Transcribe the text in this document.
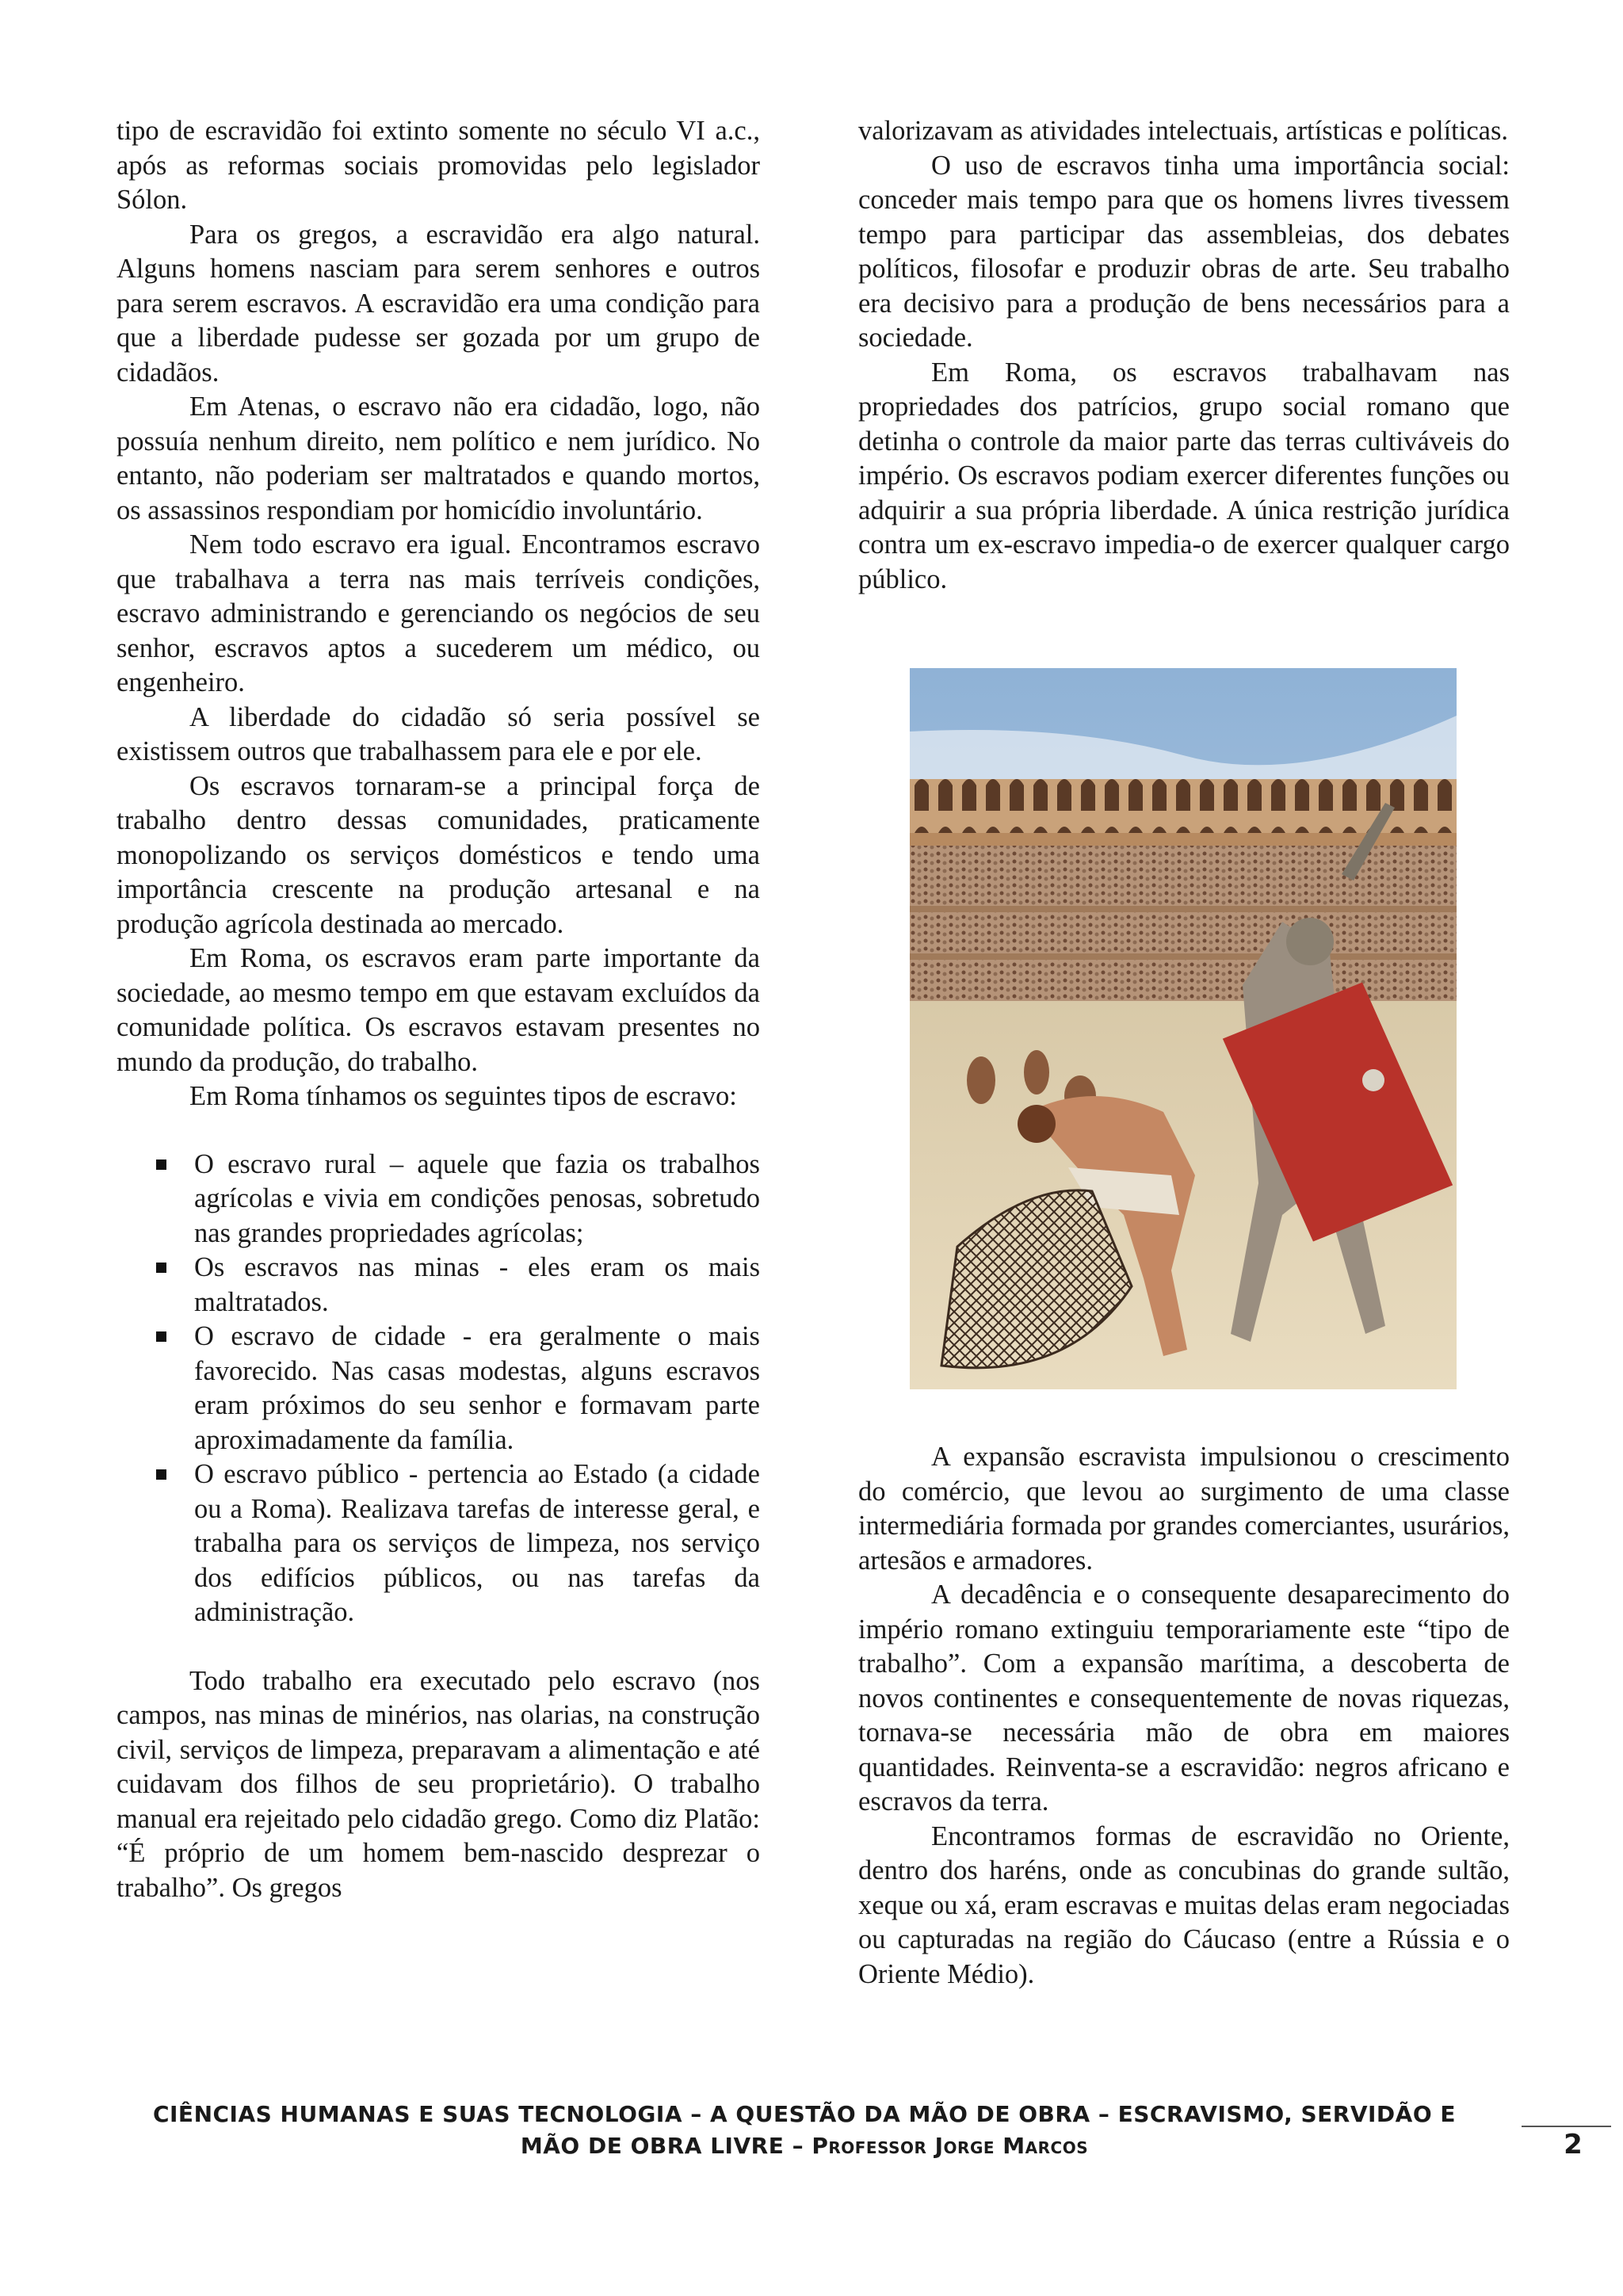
tipo de escravidão foi extinto somente no século VI a.c., após as reformas sociais promovidas pelo legislador Sólon.

Para os gregos, a escravidão era algo natural. Alguns homens nasciam para serem senhores e outros para serem escravos. A escravidão era uma condição para que a liberdade pudesse ser gozada por um grupo de cidadãos.

Em Atenas, o escravo não era cidadão, logo, não possuía nenhum direito, nem político e nem jurídico. No entanto, não poderiam ser maltratados e quando mortos, os assassinos respondiam por homicídio involuntário.

Nem todo escravo era igual. Encontramos escravo que trabalhava a terra nas mais terríveis condições, escravo administrando e gerenciando os negócios de seu senhor, escravos aptos a sucederem um médico, ou engenheiro.

A liberdade do cidadão só seria possível se existissem outros que trabalhassem para ele e por ele.

Os escravos tornaram-se a principal força de trabalho dentro dessas comunidades, praticamente monopolizando os serviços domésticos e tendo uma importância crescente na produção artesanal e na produção agrícola destinada ao mercado.

Em Roma, os escravos eram parte importante da sociedade, ao mesmo tempo em que estavam excluídos da comunidade política. Os escravos estavam presentes no mundo da produção, do trabalho.

Em Roma tínhamos os seguintes tipos de escravo:

O escravo rural – aquele que fazia os trabalhos agrícolas e vivia em condições penosas, sobretudo nas grandes propriedades agrícolas;
Os escravos nas minas - eles eram os mais maltratados.
O escravo de cidade - era geralmente o mais favorecido. Nas casas modestas, alguns escravos eram próximos do seu senhor e formavam parte aproximadamente da família.
O escravo público - pertencia ao Estado (a cidade ou a Roma). Realizava tarefas de interesse geral, e trabalha para os serviços de limpeza, nos serviço dos edifícios públicos, ou nas tarefas da administração.

Todo trabalho era executado pelo escravo (nos campos, nas minas de minérios, nas olarias, na construção civil, serviços de limpeza, preparavam a alimentação e até cuidavam dos filhos de seu proprietário). O trabalho manual era rejeitado pelo cidadão grego. Como diz Platão: “É próprio de um homem bem-nascido desprezar o trabalho”. Os gregos

valorizavam as atividades intelectuais, artísticas e políticas.

O uso de escravos tinha uma importância social: conceder mais tempo para que os homens livres tivessem tempo para participar das assembleias, dos debates políticos, filosofar e produzir obras de arte. Seu trabalho era decisivo para a produção de bens necessários para a sociedade.

Em Roma, os escravos trabalhavam nas propriedades dos patrícios, grupo social romano que detinha o controle da maior parte das terras cultiváveis do império. Os escravos podiam exercer diferentes funções ou adquirir a sua própria liberdade. A única restrição jurídica contra um ex-escravo impedia-o de exercer qualquer cargo público.

A expansão escravista impulsionou o crescimento do comércio, que levou ao surgimento de uma classe intermediária formada por grandes comerciantes, usurários, artesãos e armadores.

A decadência e o consequente desaparecimento do império romano extinguiu temporariamente este “tipo de trabalho”. Com a expansão marítima, a descoberta de novos continentes e consequentemente de novas riquezas, tornava-se necessária mão de obra em maiores quantidades. Reinventa-se a escravidão: negros africano e escravos da terra.

Encontramos formas de escravidão no Oriente, dentro dos haréns, onde as concubinas do grande sultão, xeque ou xá, eram escravas e muitas delas eram negociadas ou capturadas na região do Cáucaso (entre a Rússia e o Oriente Médio).

CIÊNCIAS HUMANAS E SUAS TECNOLOGIA – A QUESTÃO DA MÃO DE OBRA – ESCRAVISMO, SERVIDÃO E
MÃO DE OBRA LIVRE – Professor Jorge Marcos	2
